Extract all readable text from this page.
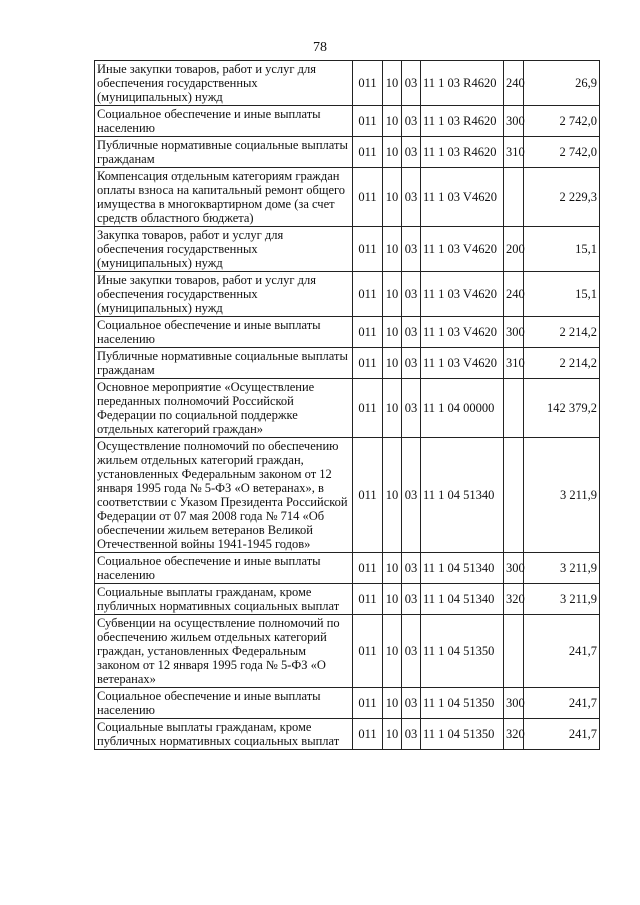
78
Иные закупки товаров, работ и услуг для обеспечения государственных (муниципальных) нужд	011	10	03	11 1 03 R4620	240	26,9
Социальное обеспечение и иные выплаты населению	011	10	03	11 1 03 R4620	300	2 742,0
Публичные нормативные социальные выплаты гражданам	011	10	03	11 1 03 R4620	310	2 742,0
Компенсация отдельным категориям граждан оплаты взноса на капитальный ремонт общего имущества в многоквартирном доме (за счет средств областного бюджета)	011	10	03	11 1 03 V4620		2 229,3
Закупка товаров, работ и услуг для обеспечения государственных (муниципальных) нужд	011	10	03	11 1 03 V4620	200	15,1
Иные закупки товаров, работ и услуг для обеспечения государственных (муниципальных) нужд	011	10	03	11 1 03 V4620	240	15,1
Социальное обеспечение и иные выплаты населению	011	10	03	11 1 03 V4620	300	2 214,2
Публичные нормативные социальные выплаты гражданам	011	10	03	11 1 03 V4620	310	2 214,2
Основное мероприятие «Осуществление переданных полномочий Российской Федерации по социальной поддержке отдельных категорий граждан»	011	10	03	11 1 04 00000		142 379,2
Осуществление полномочий по обеспечению жильем отдельных категорий граждан, установленных Федеральным законом от 12 января 1995 года № 5-ФЗ «О ветеранах», в соответствии с Указом Президента Российской Федерации от 07 мая 2008 года № 714 «Об обеспечении жильем ветеранов Великой Отечественной войны 1941-1945 годов»	011	10	03	11 1 04 51340		3 211,9
Социальное обеспечение и иные выплаты населению	011	10	03	11 1 04 51340	300	3 211,9
Социальные выплаты гражданам, кроме публичных нормативных социальных выплат	011	10	03	11 1 04 51340	320	3 211,9
Субвенции на осуществление полномочий по обеспечению жильем отдельных категорий граждан, установленных Федеральным законом от 12 января 1995 года № 5-ФЗ «О ветеранах»	011	10	03	11 1 04 51350		241,7
Социальное обеспечение и иные выплаты населению	011	10	03	11 1 04 51350	300	241,7
Социальные выплаты гражданам, кроме публичных нормативных социальных выплат	011	10	03	11 1 04 51350	320	241,7
